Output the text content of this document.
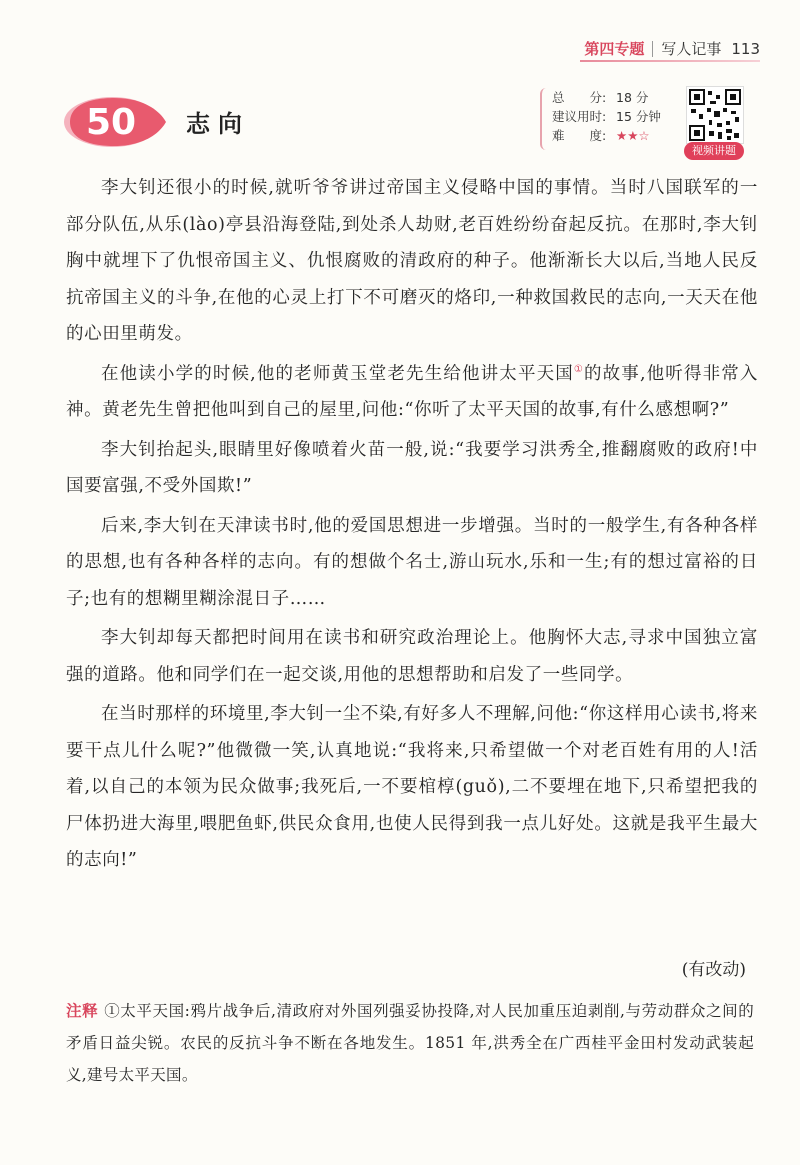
第四专题 写人记事 113
50	志向
总　　分: 18 分
建议用时: 15 分钟
难　　度: ★★☆
视频讲题

李大钊还很小的时候,就听爷爷讲过帝国主义侵略中国的事情。当时八国联军的一部分队伍,从乐(lào)亭县沿海登陆,到处杀人劫财,老百姓纷纷奋起反抗。在那时,李大钊胸中就埋下了仇恨帝国主义、仇恨腐败的清政府的种子。他渐渐长大以后,当地人民反抗帝国主义的斗争,在他的心灵上打下不可磨灭的烙印,一种救国救民的志向,一天天在他的心田里萌发。

在他读小学的时候,他的老师黄玉堂老先生给他讲太平天国①的故事,他听得非常入神。黄老先生曾把他叫到自己的屋里,问他:“你听了太平天国的故事,有什么感想啊?”

李大钊抬起头,眼睛里好像喷着火苗一般,说:“我要学习洪秀全,推翻腐败的政府!中国要富强,不受外国欺!”

后来,李大钊在天津读书时,他的爱国思想进一步增强。当时的一般学生,有各种各样的思想,也有各种各样的志向。有的想做个名士,游山玩水,乐和一生;有的想过富裕的日子;也有的想糊里糊涂混日子……

李大钊却每天都把时间用在读书和研究政治理论上。他胸怀大志,寻求中国独立富强的道路。他和同学们在一起交谈,用他的思想帮助和启发了一些同学。

在当时那样的环境里,李大钊一尘不染,有好多人不理解,问他:“你这样用心读书,将来要干点儿什么呢?”他微微一笑,认真地说:“我将来,只希望做一个对老百姓有用的人!活着,以自己的本领为民众做事;我死后,一不要棺椁(guǒ),二不要埋在地下,只希望把我的尸体扔进大海里,喂肥鱼虾,供民众食用,也使人民得到我一点儿好处。这就是我平生最大的志向!”

(有改动)
注释 ①太平天国:鸦片战争后,清政府对外国列强妥协投降,对人民加重压迫剥削,与劳动群众之间的矛盾日益尖锐。农民的反抗斗争不断在各地发生。1851 年,洪秀全在广西桂平金田村发动武装起义,建号太平天国。
